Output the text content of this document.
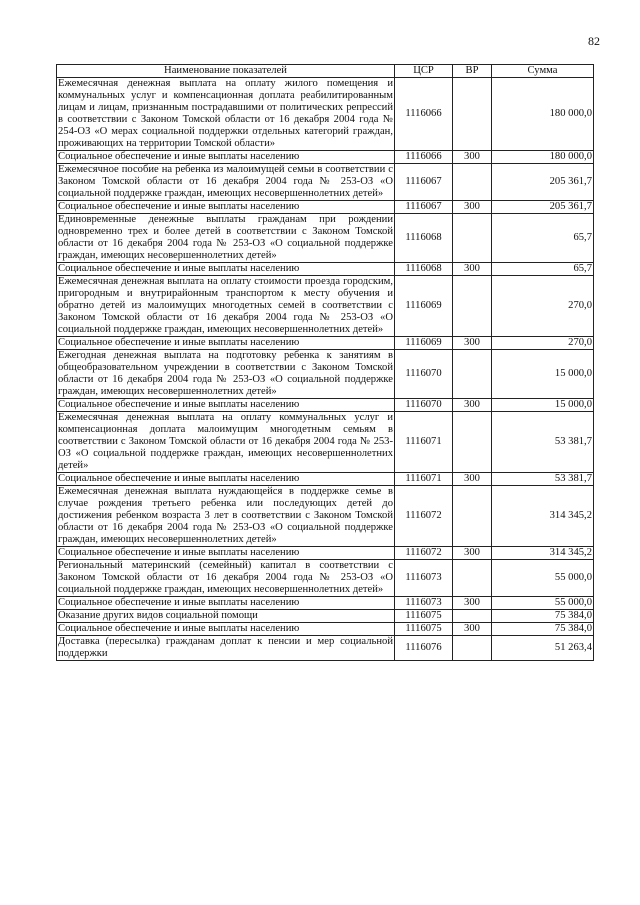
82
Наименование показателей	ЦСР	ВР	Сумма
Ежемесячная денежная выплата на оплату жилого помещения и коммунальных услуг и компенсационная доплата реабилитированным лицам и лицам, признанным пострадавшими от политических репрессий в соответствии с Законом Томской области от 16 декабря 2004 года № 254-ОЗ «О мерах социальной поддержки отдельных категорий граждан, проживающих на территории Томской области»	1116066		180 000,0
Социальное обеспечение и иные выплаты населению	1116066	300	180 000,0
Ежемесячное пособие на ребенка из малоимущей семьи в соответствии с Законом Томской области от 16 декабря 2004 года № 253-ОЗ «О социальной поддержке граждан, имеющих несовершеннолетних детей»	1116067		205 361,7
Социальное обеспечение и иные выплаты населению	1116067	300	205 361,7
Единовременные денежные выплаты гражданам при рождении одновременно трех и более детей в соответствии с Законом Томской области от 16 декабря 2004 года № 253-ОЗ «О социальной поддержке граждан, имеющих несовершеннолетних детей»	1116068		65,7
Социальное обеспечение и иные выплаты населению	1116068	300	65,7
Ежемесячная денежная выплата на оплату стоимости проезда городским, пригородным и внутрирайонным транспортом к месту обучения и обратно детей из малоимущих многодетных семей в соответствии с Законом Томской области от 16 декабря 2004 года № 253-ОЗ «О социальной поддержке граждан, имеющих несовершеннолетних детей»	1116069		270,0
Социальное обеспечение и иные выплаты населению	1116069	300	270,0
Ежегодная денежная выплата на подготовку ребенка к занятиям в общеобразовательном учреждении в соответствии с Законом Томской области от 16 декабря 2004 года № 253-ОЗ «О социальной поддержке граждан, имеющих несовершеннолетних детей»	1116070		15 000,0
Социальное обеспечение и иные выплаты населению	1116070	300	15 000,0
Ежемесячная денежная выплата на оплату коммунальных услуг и компенсационная доплата малоимущим многодетным семьям в соответствии с Законом Томской области от 16 декабря 2004 года № 253-ОЗ «О социальной поддержке граждан, имеющих несовершеннолетних детей»	1116071		53 381,7
Социальное обеспечение и иные выплаты населению	1116071	300	53 381,7
Ежемесячная денежная выплата нуждающейся в поддержке семье в случае рождения третьего ребенка или последующих детей до достижения ребенком возраста 3 лет в соответствии с Законом Томской области от 16 декабря 2004 года № 253-ОЗ «О социальной поддержке граждан, имеющих несовершеннолетних детей»	1116072		314 345,2
Социальное обеспечение и иные выплаты населению	1116072	300	314 345,2
Региональный материнский (семейный) капитал в соответствии с Законом Томской области от 16 декабря 2004 года № 253-ОЗ «О социальной поддержке граждан, имеющих несовершеннолетних детей»	1116073		55 000,0
Социальное обеспечение и иные выплаты населению	1116073	300	55 000,0
Оказание других видов социальной помощи	1116075		75 384,0
Социальное обеспечение и иные выплаты населению	1116075	300	75 384,0
Доставка (пересылка) гражданам доплат к пенсии и мер социальной поддержки	1116076		51 263,4
